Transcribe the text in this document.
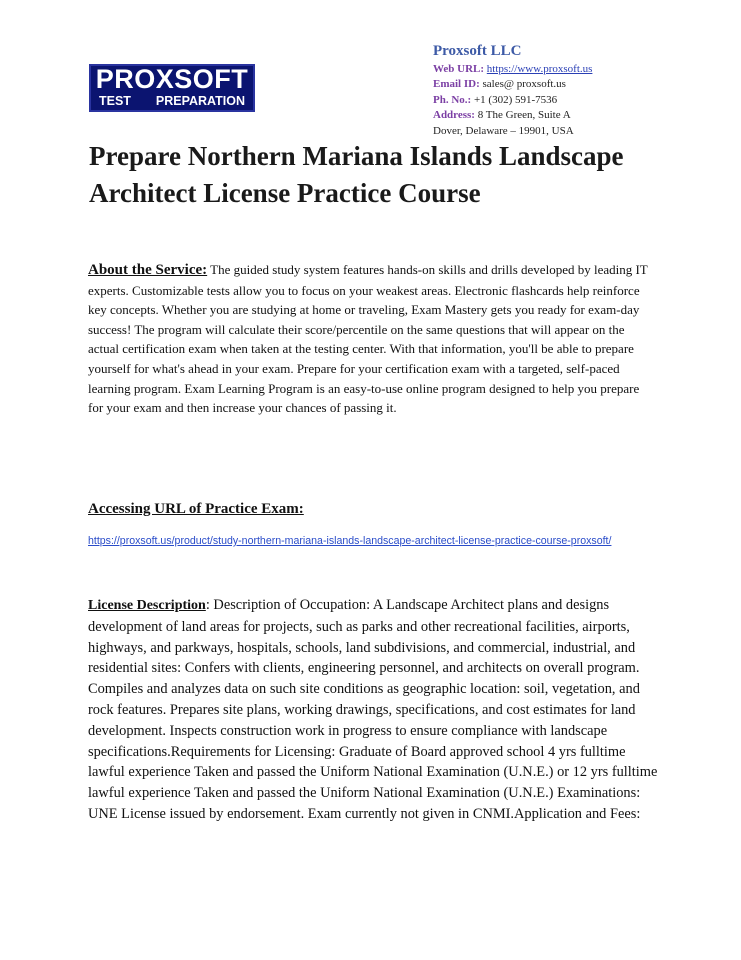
PROXSOFT
TEST PREPARATION
Proxsoft LLC
Web URL: https://www.proxsoft.us
Email ID: sales@ proxsoft.us
Ph. No.: +1 (302) 591-7536
Address: 8 The Green, Suite A
Dover, Delaware – 19901, USA
Prepare Northern Mariana Islands Landscape Architect License Practice Course

About the Service: The guided study system features hands-on skills and drills developed by leading IT experts. Customizable tests allow you to focus on your weakest areas. Electronic flashcards help reinforce key concepts. Whether you are studying at home or traveling, Exam Mastery gets you ready for exam-day success! The program will calculate their score/percentile on the same questions that will appear on the actual certification exam when taken at the testing center. With that information, you'll be able to prepare yourself for what's ahead in your exam. Prepare for your certification exam with a targeted, self-paced learning program. Exam Learning Program is an easy-to-use online program designed to help you prepare for your exam and then increase your chances of passing it.

Accessing URL of Practice Exam:
https://proxsoft.us/product/study-northern-mariana-islands-landscape-architect-license-practice-course-proxsoft/

License Description: Description of Occupation: A Landscape Architect plans and designs development of land areas for projects, such as parks and other recreational facilities, airports, highways, and parkways, hospitals, schools, land subdivisions, and commercial, industrial, and residential sites: Confers with clients, engineering personnel, and architects on overall program. Compiles and analyzes data on such site conditions as geographic location: soil, vegetation, and rock features. Prepares site plans, working drawings, specifications, and cost estimates for land development. Inspects construction work in progress to ensure compliance with landscape specifications.Requirements for Licensing: Graduate of Board approved school 4 yrs fulltime lawful experience Taken and passed the Uniform National Examination (U.N.E.) or 12 yrs fulltime lawful experience Taken and passed the Uniform National Examination (U.N.E.) Examinations: UNE License issued by endorsement. Exam currently not given in CNMI.Application and Fees:
